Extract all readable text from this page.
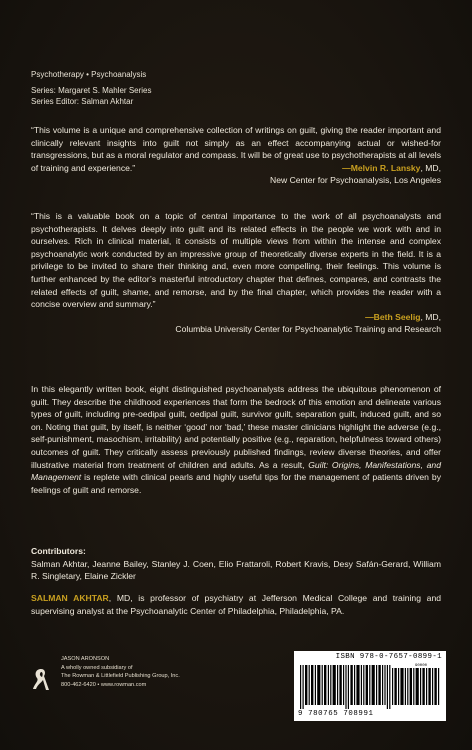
Psychotherapy • Psychoanalysis
Series: Margaret S. Mahler Series
Series Editor: Salman Akhtar
“This volume is a unique and comprehensive collection of writings on guilt, giving the reader important and clinically relevant insights into guilt not simply as an effect accompanying actual or wished-for transgressions, but as a moral regulator and compass. It will be of great use to psychotherapists at all levels of training and experience.”	—Melvin R. Lansky, MD,
New Center for Psychoanalysis, Los Angeles
“This is a valuable book on a topic of central importance to the work of all psychoanalysts and psychotherapists. It delves deeply into guilt and its related effects in the people we work with and in ourselves. Rich in clinical material, it consists of multiple views from within the intense and complex psychoanalytic work conducted by an impressive group of theoretically diverse experts in the field. It is a privilege to be invited to share their thinking and, even more compelling, their feelings. This volume is further enhanced by the editor’s masterful introductory chapter that defines, compares, and contrasts the related effects of guilt, shame, and remorse, and by the final chapter, which provides the reader with a concise overview and summary.”
—Beth Seelig, MD,
Columbia University Center for Psychoanalytic Training and Research
In this elegantly written book, eight distinguished psychoanalysts address the ubiquitous phenomenon of guilt. They describe the childhood experiences that form the bedrock of this emotion and delineate various types of guilt, including pre-oedipal guilt, oedipal guilt, survivor guilt, separation guilt, induced guilt, and so on. Noting that guilt, by itself, is neither ‘good’ nor ‘bad,’ these master clinicians highlight the adverse (e.g., self-punishment, masochism, irritability) and potentially positive (e.g., reparation, helpfulness toward others) outcomes of guilt. They critically assess previously published findings, review diverse theories, and offer illustrative material from treatment of children and adults. As a result, Guilt: Origins, Manifestations, and Management is replete with clinical pearls and highly useful tips for the management of patients driven by feelings of guilt and remorse.
Contributors:
Salman Akhtar, Jeanne Bailey, Stanley J. Coen, Elio Frattaroli, Robert Kravis, Desy Safán-Gerard, William R. Singletary, Elaine Zickler
SALMAN AKHTAR, MD, is professor of psychiatry at Jefferson Medical College and training and supervising analyst at the Psychoanalytic Center of Philadelphia, Philadelphia, PA.
JASON ARONSON
A wholly owned subsidiary of
The Rowman & Littlefield Publishing Group, Inc.
800-462-6420 • www.rowman.com
ISBN 978-0-7657-0899-1
90000
9 780765 708991
